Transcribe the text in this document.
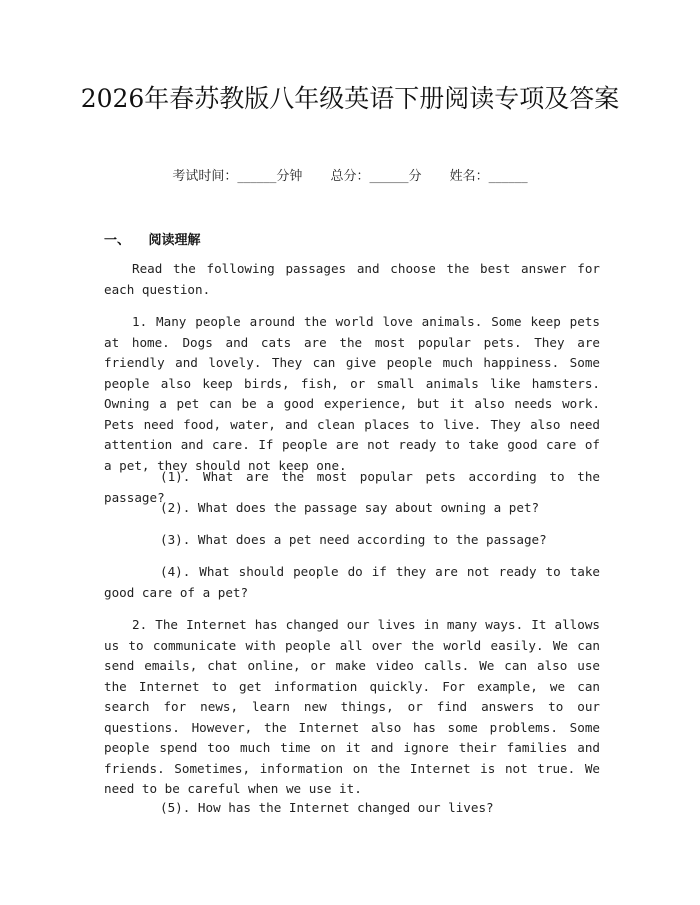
2026年春苏教版八年级英语下册阅读专项及答案
考试时间：______分钟 总分：______分 姓名：______
一、 阅读理解
Read the following passages and choose the best answer for each question.
1. Many people around the world love animals. Some keep pets at home. Dogs and cats are the most popular pets. They are friendly and lovely. They can give people much happiness. Some people also keep birds, fish, or small animals like hamsters. Owning a pet can be a good experience, but it also needs work. Pets need food, water, and clean places to live. They also need attention and care. If people are not ready to take good care of a pet, they should not keep one.
(1). What are the most popular pets according to the passage?
(2). What does the passage say about owning a pet?
(3). What does a pet need according to the passage?
(4). What should people do if they are not ready to take good care of a pet?
2. The Internet has changed our lives in many ways. It allows us to communicate with people all over the world easily. We can send emails, chat online, or make video calls. We can also use the Internet to get information quickly. For example, we can search for news, learn new things, or find answers to our questions. However, the Internet also has some problems. Some people spend too much time on it and ignore their families and friends. Sometimes, information on the Internet is not true. We need to be careful when we use it.
(5). How has the Internet changed our lives?
